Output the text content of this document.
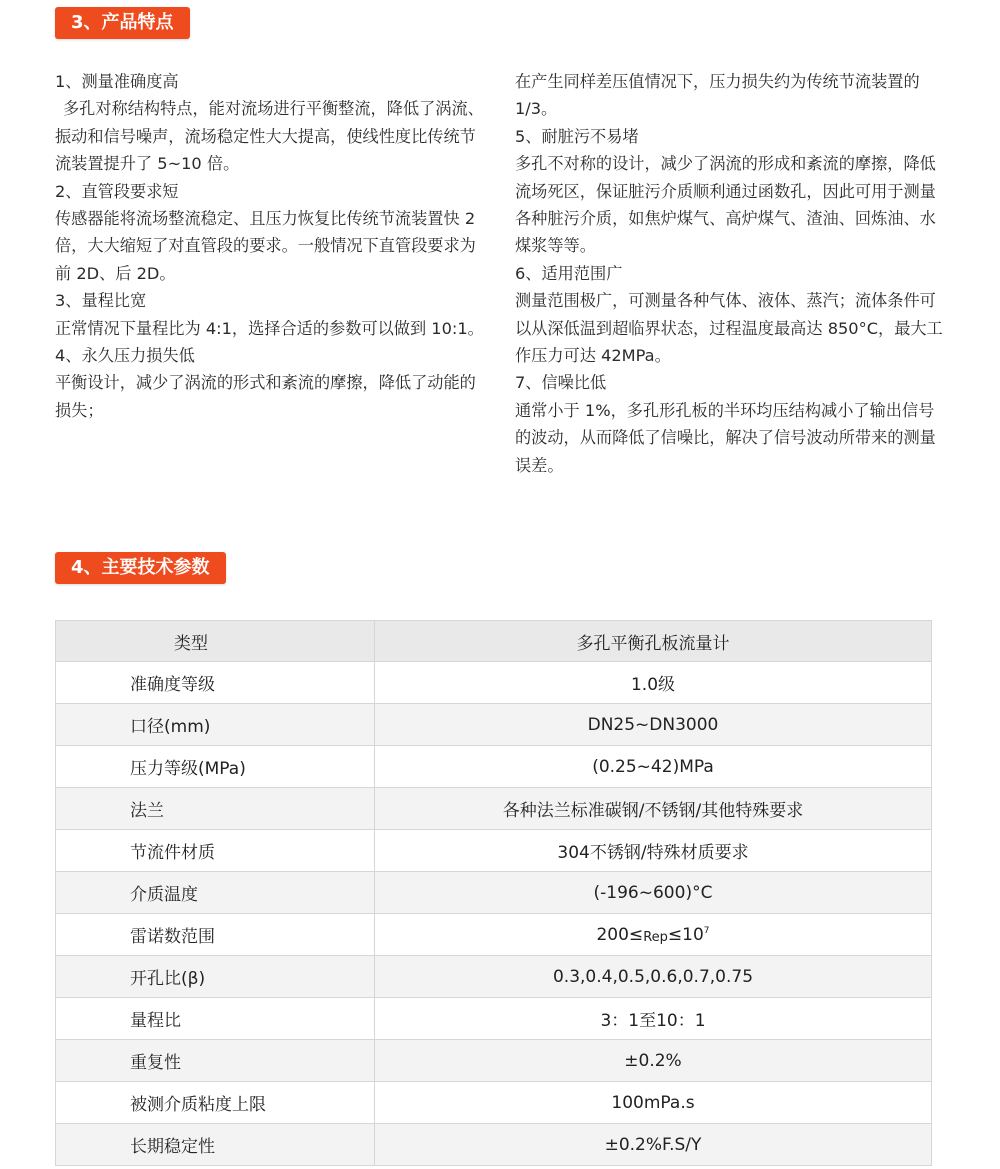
3、产品特点

1、测量准确度高

多孔对称结构特点，能对流场进行平衡整流，降低了涡流、振动和信号噪声，流场稳定性大大提高，使线性度比传统节流装置提升了 5~10 倍。

2、直管段要求短

传感器能将流场整流稳定、且压力恢复比传统节流装置快 2 倍，大大缩短了对直管段的要求。一般情况下直管段要求为前 2D、后 2D。

3、量程比宽

正常情况下量程比为 4:1，选择合适的参数可以做到 10:1。

4、永久压力损失低

平衡设计，减少了涡流的形式和紊流的摩擦，降低了动能的损失；

在产生同样差压值情况下，压力损失约为传统节流装置的 1/3。

5、耐脏污不易堵

多孔不对称的设计，减少了涡流的形成和紊流的摩擦，降低流场死区，保证脏污介质顺利通过函数孔，因此可用于测量各种脏污介质，如焦炉煤气、高炉煤气、渣油、回炼油、水煤浆等等。

6、适用范围广

测量范围极广，可测量各种气体、液体、蒸汽；流体条件可以从深低温到超临界状态，过程温度最高达 850°C，最大工作压力可达 42MPa。

7、信噪比低

通常小于 1%，多孔形孔板的半环均压结构减小了输出信号的波动，从而降低了信噪比，解决了信号波动所带来的测量误差。

4、主要技术参数
类型	多孔平衡孔板流量计
准确度等级	1.0级
口径(mm)	DN25~DN3000
压力等级(MPa)	(0.25~42)MPa
法兰	各种法兰标准碳钢/不锈钢/其他特殊要求
节流件材质	304不锈钢/特殊材质要求
介质温度	(-196~600)°C
雷诺数范围	$200\le_{Rep}\le 10^7$
开孔比(β)	0.3,0.4,0.5,0.6,0.7,0.75
量程比	3：1至10：1
重复性	±0.2%
被测介质粘度上限	100mPa.s
长期稳定性	±0.2%F.S/Y
